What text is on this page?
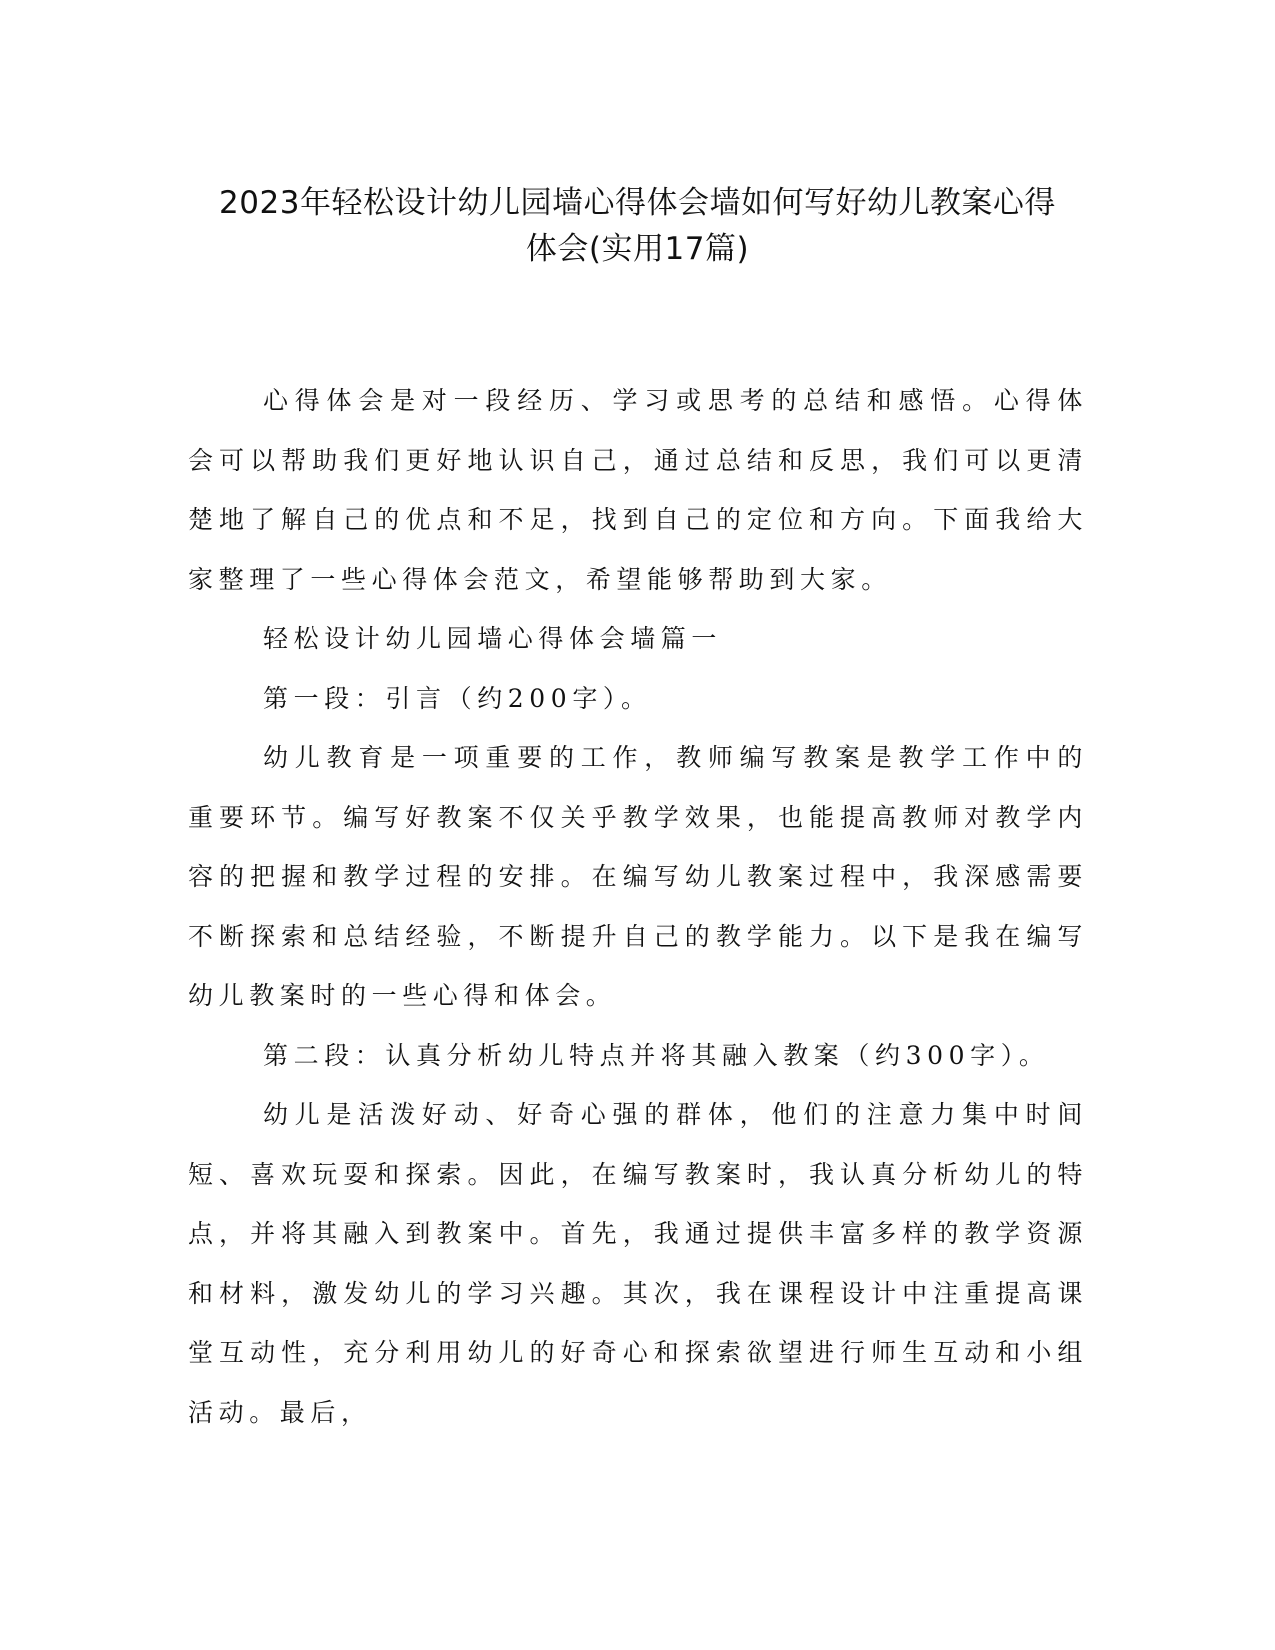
2023年轻松设计幼儿园墙心得体会墙如何写好幼儿教案心得
体会(实用17篇)

心得体会是对一段经历、学习或思考的总结和感悟。心得体会可以帮助我们更好地认识自己，通过总结和反思，我们可以更清楚地了解自己的优点和不足，找到自己的定位和方向。下面我给大家整理了一些心得体会范文，希望能够帮助到大家。

轻松设计幼儿园墙心得体会墙篇一

第一段：引言（约200字）。

幼儿教育是一项重要的工作，教师编写教案是教学工作中的重要环节。编写好教案不仅关乎教学效果，也能提高教师对教学内容的把握和教学过程的安排。在编写幼儿教案过程中，我深感需要不断探索和总结经验，不断提升自己的教学能力。以下是我在编写幼儿教案时的一些心得和体会。

第二段：认真分析幼儿特点并将其融入教案（约300字）。

幼儿是活泼好动、好奇心强的群体，他们的注意力集中时间短、喜欢玩耍和探索。因此，在编写教案时，我认真分析幼儿的特点，并将其融入到教案中。首先，我通过提供丰富多样的教学资源和材料，激发幼儿的学习兴趣。其次，我在课程设计中注重提高课堂互动性，充分利用幼儿的好奇心和探索欲望进行师生互动和小组活动。最后，
